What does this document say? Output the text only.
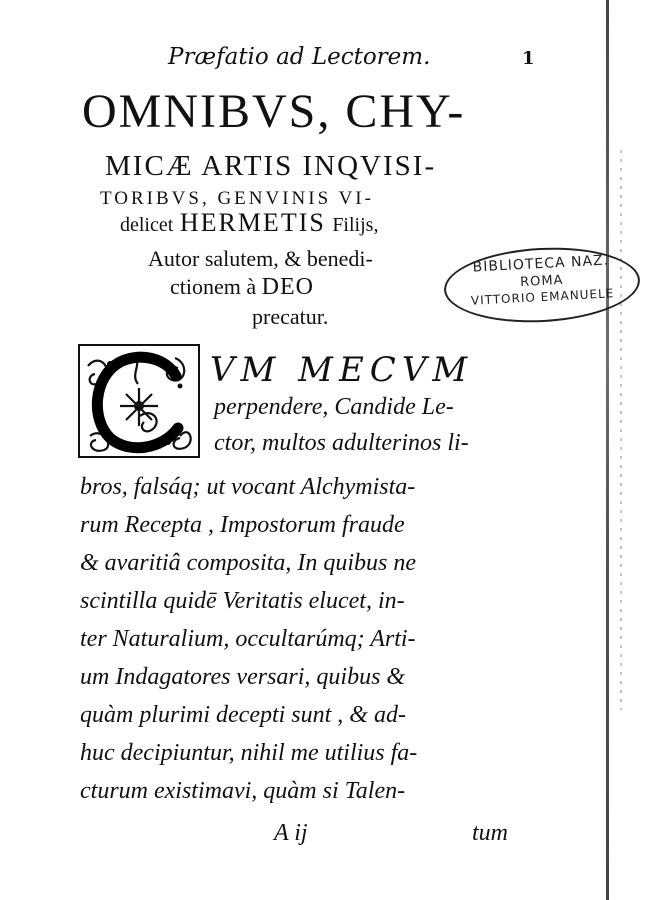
Præfatio ad Lectorem.	1
OMNIBVS, CHY-
MICÆ ARTIS INQVISI-
TORIBVS, GENVINIS VI-
delicet HERMETIS Filijs,
Autor salutem, & benedi-
ctionem à DEO
precatur.
BIBLIOTECA NAZ.
ROMA
VITTORIO EMANUELE
VM MECVM
perpendere, Candide Le-
ctor, multos adulterinos li-
bros, falsáq; ut vocant Alchymista-
rum Recepta , Impostorum fraude
& avaritiâ composita, In quibus ne
scintilla quidē Veritatis elucet, in-
ter Naturalium, occultarúmq; Arti-
um Indagatores versari, quibus &
quàm plurimi decepti sunt , & ad-
huc decipiuntur, nihil me utilius fa-
cturum existimavi, quàm si Talen-
A ij	tum
